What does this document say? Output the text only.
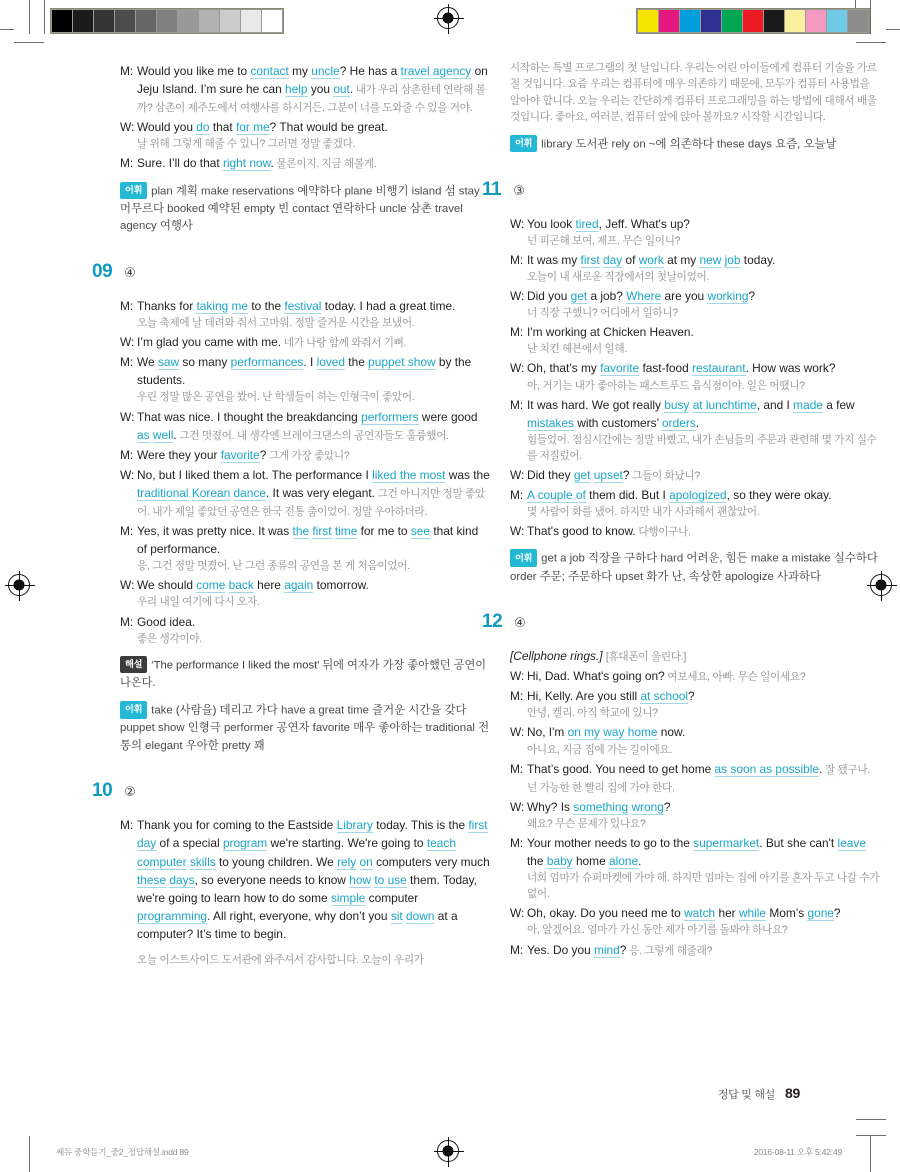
M: Would you like me to contact my uncle? He has a travel agency on Jeju Island. I’m sure he can help you out. 내가 우리 삼촌한테 연락해 볼까? 삼촌이 제주도에서 여행사를 하시거든. 그분이 너를 도와줄 수 있을 거야.
W: Would you do that for me? That would be great.
날 위해 그렇게 해줄 수 있니? 그러면 정말 좋겠다.
M: Sure. I’ll do that right now. 물론이지. 지금 해볼게.
어휘 plan 계획 make reservations 예약하다 plane 비행기 island 섬 stay 머무르다 booked 예약된 empty 빈 contact 연락하다 uncle 삼촌 travel agency 여행사
09 ④
M: Thanks for taking me to the festival today. I had a great time.
오늘 축제에 날 데려와 줘서 고마워. 정말 즐거운 시간을 보냈어.
W: I’m glad you came with me. 네가 나랑 함께 와줘서 기뻐.
M: We saw so many performances. I loved the puppet show by the students.
우린 정말 많은 공연을 봤어. 난 학생들이 하는 인형극이 좋았어.
W: That was nice. I thought the breakdancing performers were good as well. 그건 멋졌어. 내 생각엔 브레이크댄스의 공연자들도 훌륭했어.
M: Were they your favorite? 그게 가장 좋았니?
W: No, but I liked them a lot. The performance I liked the most was the traditional Korean dance. It was very elegant. 그건 아니지만 정말 좋았어. 내가 제일 좋았던 공연은 한국 전통 춤이었어. 정말 우아하더라.
M: Yes, it was pretty nice. It was the first time for me to see that kind of performance.
응, 그건 정말 멋졌어. 난 그런 종류의 공연을 본 게 처음이었어.
W: We should come back here again tomorrow.
우리 내일 여기에 다시 오자.
M: Good idea.
좋은 생각이야.
해설 ‘The performance I liked the most’ 뒤에 여자가 가장 좋아했던 공연이 나온다.
어휘 take (사람을) 데리고 가다 have a great time 즐거운 시간을 갖다 puppet show 인형극 performer 공연자 favorite 매우 좋아하는 traditional 전통의 elegant 우아한 pretty 꽤
10 ②
M: Thank you for coming to the Eastside Library today. This is the first day of a special program we're starting. We're going to teach computer skills to young children. We rely on computers very much these days, so everyone needs to know how to use them. Today, we're going to learn how to do some simple computer programming. All right, everyone, why don’t you sit down at a computer? It’s time to begin.
오늘 이스트사이드 도서관에 와주셔서 감사합니다. 오늘이 우리가
시작하는 특별 프로그램의 첫 날입니다. 우리는 어린 아이들에게 컴퓨터 기술을 가르칠 것입니다. 요즘 우리는 컴퓨터에 매우 의존하기 때문에, 모두가 컴퓨터 사용법을 알아야 합니다. 오늘 우리는 간단하게 컴퓨터 프로그래밍을 하는 방법에 대해서 배울 것입니다. 좋아요, 여러분, 컴퓨터 앞에 앉아 볼까요? 시작할 시간입니다.
어휘 library 도서관 rely on ~에 의존하다 these days 요즘, 오늘날
11 ③
W: You look tired, Jeff. What's up?
넌 피곤해 보여, 제프. 무슨 일이니?
M: It was my first day of work at my new job today.
오늘이 내 새로운 직장에서의 첫날이었어.
W: Did you get a job? Where are you working?
너 직장 구했니? 어디에서 일하니?
M: I'm working at Chicken Heaven.
난 치킨 헤븐에서 일해.
W: Oh, that’s my favorite fast-food restaurant. How was work?
아, 거기는 내가 좋아하는 패스트푸드 음식점이야. 일은 어땠니?
M: It was hard. We got really busy at lunchtime, and I made a few mistakes with customers’ orders.
힘들었어. 점심시간에는 정말 바빴고, 내가 손님들의 주문과 관련해 몇 가지 실수를 저질렀어.
W: Did they get upset? 그들이 화났니?
M: A couple of them did. But I apologized, so they were okay.
몇 사람이 화를 냈어. 하지만 내가 사과해서 괜찮았어.
W: That's good to know. 다행이구나.
어휘 get a job 직장을 구하다 hard 어려운, 힘든 make a mistake 실수하다 order 주문; 주문하다 upset 화가 난, 속상한 apologize 사과하다
12 ④
[Cellphone rings.] [휴대폰이 울린다.]
W: Hi, Dad. What's going on? 여보세요, 아빠. 무슨 일이세요?
M: Hi, Kelly. Are you still at school?
안녕, 켈리. 아직 학교에 있니?
W: No, I'm on my way home now.
아니요, 지금 집에 가는 길이에요.
M: That’s good. You need to get home as soon as possible. 잘 됐구나. 넌 가능한 한 빨리 집에 가야 한다.
W: Why? Is something wrong?
왜요? 무슨 문제가 있나요?
M: Your mother needs to go to the supermarket. But she can't leave the baby home alone.
너희 엄마가 슈퍼마켓에 가야 해. 하지만 엄마는 집에 아기를 혼자 두고 나갈 수가 없어.
W: Oh, okay. Do you need me to watch her while Mom’s gone?
아, 알겠어요. 엄마가 가신 동안 제가 아기를 돌봐야 하나요?
M: Yes. Do you mind? 응. 그렇게 해줄래?
정답 및 해설 89
쎄듀 중학듣기_중2_정답해설.indd 89	2016-08-11 오후 5:42:49
